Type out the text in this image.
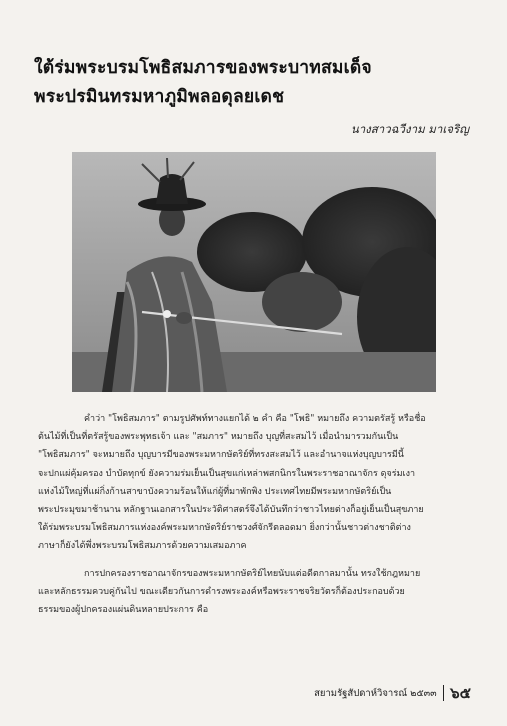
ใต้ร่มพระบรมโพธิสมภารของพระบาทสมเด็จ
พระปรมินทรมหาภูมิพลอดุลยเดช
นางสาวฉวีงาม มาเจริญ

คำว่า "โพธิสมภาร" ตามรูปศัพท์ทางแยกได้ ๒ คำ คือ "โพธิ" หมายถึง ความตรัสรู้ หรือชื่อ
ต้นไม้ที่เป็นที่ตรัสรู้ของพระพุทธเจ้า และ "สมภาร" หมายถึง บุญที่สะสมไว้ เมื่อนำมารวมกันเป็น
"โพธิสมภาร" จะหมายถึง บุญบารมีของพระมหากษัตริย์ที่ทรงสะสมไว้ และอำนาจแห่งบุญบารมีนี้
จะปกแผ่คุ้มครอง บำบัดทุกข์ ยังความร่มเย็นเป็นสุขแก่เหล่าพสกนิกรในพระราชอาณาจักร ดุจร่มเงา
แห่งไม้ใหญ่ที่แผ่กิ่งก้านสาขาบังความร้อนให้แก่ผู้ที่มาพักพิง ประเทศไทยมีพระมหากษัตริย์เป็น
พระประมุขมาช้านาน หลักฐานเอกสารในประวัติศาสตร์จึงได้บันทึกว่าชาวไทยต่างก็อยู่เย็นเป็นสุขภาย
ใต้ร่มพระบรมโพธิสมภารแห่งองค์พระมหากษัตริย์ราชวงศ์จักรีตลอดมา ยิ่งกว่านั้นชาวต่างชาติต่าง
ภาษาก็ยังได้พึ่งพระบรมโพธิสมภารด้วยความเสมอภาค

การปกครองราชอาณาจักรของพระมหากษัตริย์ไทยนับแต่อดีตกาลมานั้น ทรงใช้กฎหมาย
และหลักธรรมควบคู่กันไป ขณะเดียวกันการดำรงพระองค์หรือพระราชจริยวัตรก็ต้องประกอบด้วย
ธรรมของผู้ปกครองแผ่นดินหลายประการ คือ

สยามรัฐสัปดาห์วิจารณ์ ๒๕๓๓ ๖๕
